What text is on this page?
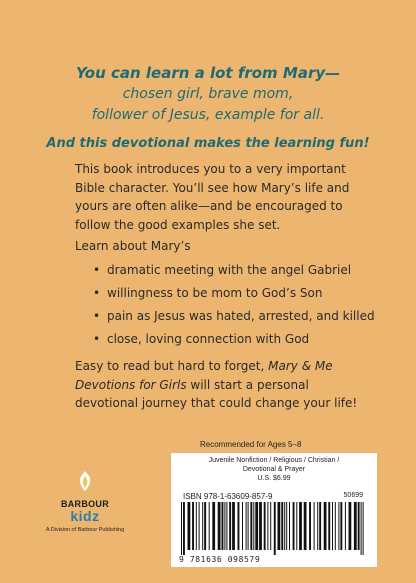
You can learn a lot from Mary—
chosen girl, brave mom,
follower of Jesus, example for all.
And this devotional makes the learning fun!
This book introduces you to a very important Bible character. You’ll see how Mary’s life and yours are often alike—and be encouraged to follow the good examples she set.
Learn about Mary’s
• dramatic meeting with the angel Gabriel
• willingness to be mom to God’s Son
• pain as Jesus was hated, arrested, and killed
• close, loving connection with God
Easy to read but hard to forget, Mary & Me Devotions for Girls will start a personal devotional journey that could change your life!
BARBOUR
kidz
A Division of Barbour Publishing
Recommended for Ages 5–8
Juvenile Nonfiction / Religious / Christian /
Devotional & Prayer
U.S. $6.99
ISBN 978-1-63609-857-9	50699
9 781636 098579
